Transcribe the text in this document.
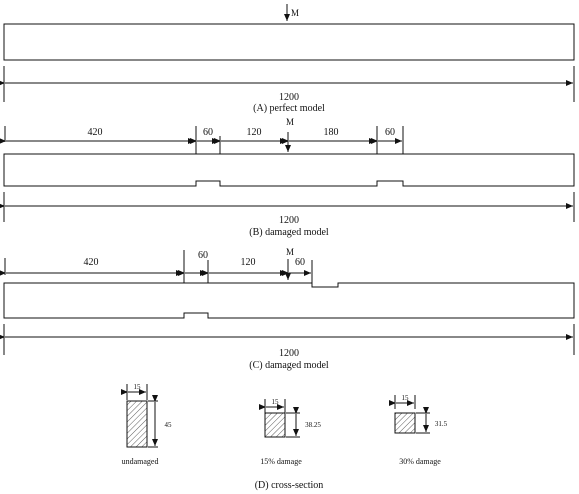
M
1200
(A) perfect model
420	60	120	180	60
M
1200
(B) damaged model
420
60
120	60
M
1200
(C) damaged model
15
45
undamaged
15
38.25
15% damage
15
31.5
30% damage
(D) cross-section
